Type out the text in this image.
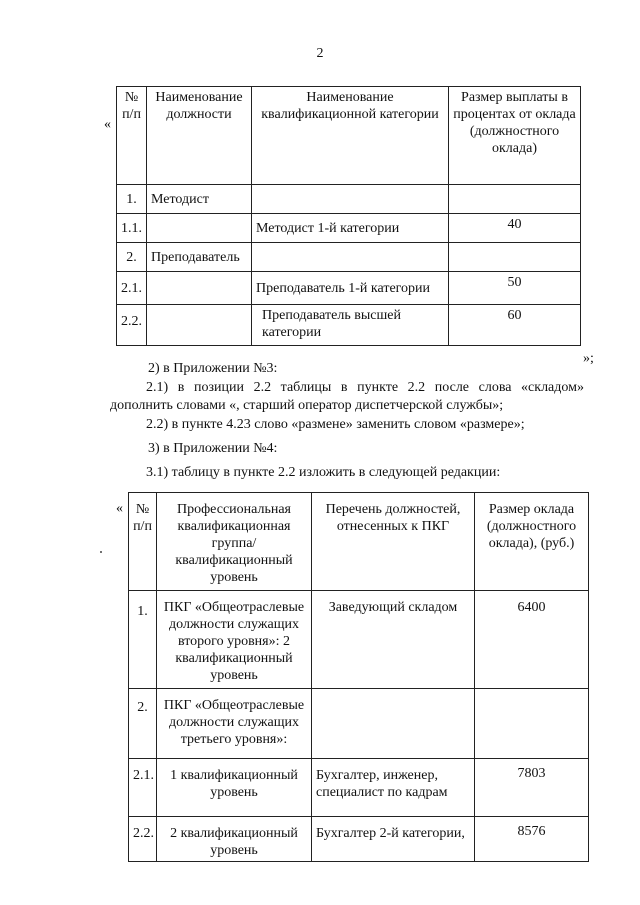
2
«
№ п/п	Наименование должности	Наименование квалификационной категории	Размер выплаты в процентах от оклада (должностного оклада)
1.	Методист		
1.1.		Методист 1-й категории	40
2.	Преподаватель		
2.1.		Преподаватель 1-й категории	50
2.2.		Преподаватель высшей категории	60
»;
2) в Приложении №3:
2.1) в позиции 2.2 таблицы в пункте 2.2 после слова «складом» дополнить словами «, старший оператор диспетчерской службы»;
2.2) в пункте 4.23 слово «размене» заменить словом «размере»;
3) в Приложении №4:
3.1) таблицу в пункте 2.2 изложить в следующей редакции:
« № п/п	Профессиональная квалификационная группа/ квалификационный уровень	Перечень должностей, отнесенных к ПКГ	Размер оклада (должностного оклада), (руб.)
1.	ПКГ «Общеотраслевые должности служащих второго уровня»: 2 квалификационный уровень	Заведующий складом	6400
2.	ПКГ «Общеотраслевые должности служащих третьего уровня»:		
2.1.	1 квалификационный уровень	Бухгалтер, инженер, специалист по кадрам	7803
2.2.	2 квалификационный уровень	Бухгалтер 2-й категории,	8576
